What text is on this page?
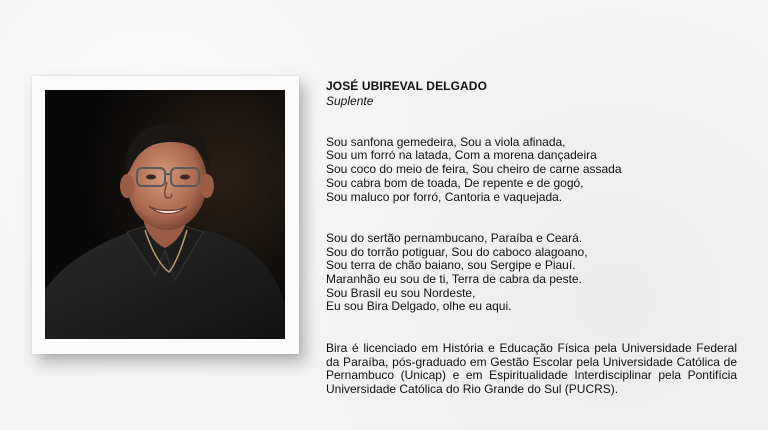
JOSÉ UBIREVAL DELGADO

Suplente

Sou sanfona gemedeira, Sou a viola afinada,
Sou um forró na latada, Com a morena dançadeira
Sou coco do meio de feira, Sou cheiro de carne assada
Sou cabra bom de toada, De repente e de gogó,
Sou maluco por forró, Cantoria e vaquejada.

Sou do sertão pernambucano, Paraíba e Ceará.
Sou do torrão potiguar, Sou do caboco alagoano,
Sou terra de chão baiano, sou Sergipe e Piauí.
Maranhão eu sou de ti, Terra de cabra da peste.
Sou Brasil eu sou Nordeste,
Eu sou Bira Delgado, olhe eu aqui.

Bira é licenciado em História e Educação Física pela Universidade Federal da Paraíba, pós-graduado em Gestão Escolar pela Universidade Católica de Pernambuco (Unicap) e em Espiritualidade Interdisciplinar pela Pontifícia Universidade Católica do Rio Grande do Sul (PUCRS).
